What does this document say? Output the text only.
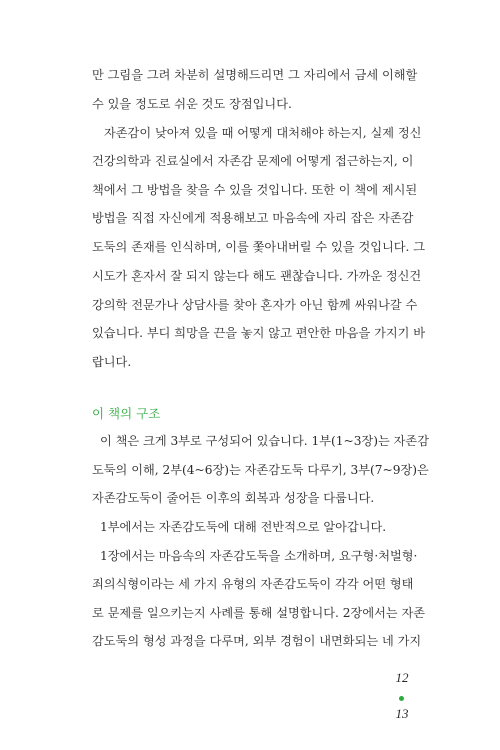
만 그림을 그려 차분히 설명해드리면 그 자리에서 금세 이해할
수 있을 정도로 쉬운 것도 장점입니다.
자존감이 낮아져 있을 때 어떻게 대처해야 하는지, 실제 정신
건강의학과 진료실에서 자존감 문제에 어떻게 접근하는지, 이
책에서 그 방법을 찾을 수 있을 것입니다. 또한 이 책에 제시된
방법을 직접 자신에게 적용해보고 마음속에 자리 잡은 자존감
도둑의 존재를 인식하며, 이를 쫓아내버릴 수 있을 것입니다. 그
시도가 혼자서 잘 되지 않는다 해도 괜찮습니다. 가까운 정신건
강의학 전문가나 상담사를 찾아 혼자가 아닌 함께 싸워나갈 수
있습니다. 부디 희망을 끈을 놓지 않고 편안한 마음을 가지기 바
랍니다.
이 책의 구조
이 책은 크게 3부로 구성되어 있습니다. 1부(1~3장)는 자존감
도둑의 이해, 2부(4~6장)는 자존감도둑 다루기, 3부(7~9장)은
자존감도둑이 줄어든 이후의 회복과 성장을 다룹니다.
1부에서는 자존감도둑에 대해 전반적으로 알아갑니다.
1장에서는 마음속의 자존감도둑을 소개하며, 요구형·처벌형·
죄의식형이라는 세 가지 유형의 자존감도둑이 각각 어떤 형태
로 문제를 일으키는지 사례를 통해 설명합니다. 2장에서는 자존
감도둑의 형성 과정을 다루며, 외부 경험이 내면화되는 네 가지
12
13
